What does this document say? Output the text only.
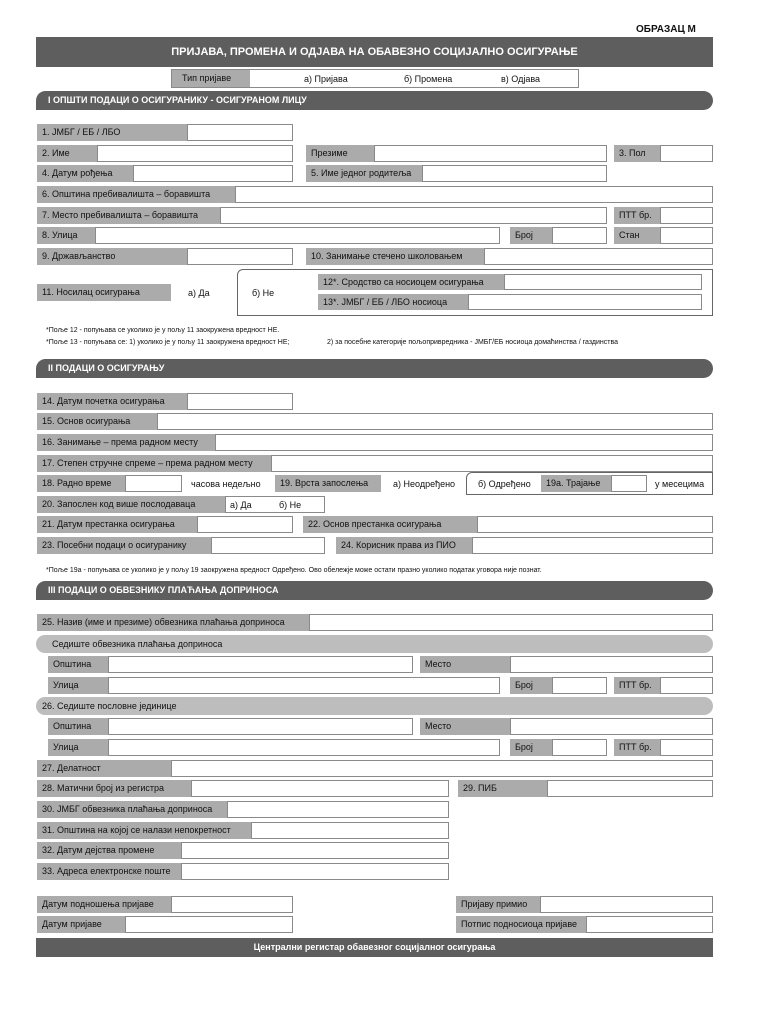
ОБРАЗАЦ М
ПРИЈАВА, ПРОМЕНА И ОДЈАВА НА ОБАВЕЗНО СОЦИЈАЛНО ОСИГУРАЊЕ
Тип пријаве	а) Пријава	б) Промена	в) Одјава
I ОПШТИ ПОДАЦИ О ОСИГУРАНИКУ - ОСИГУРАНОМ ЛИЦУ
1. ЈМБГ / ЕБ / ЛБО
2. Име	Презиме	3. Пол
4. Датум рођења	5. Име једног родитеља
6. Општина пребивалишта – боравишта
7. Место пребивалишта – боравишта	ПТТ бр.
8. Улица	Број	Стан
9. Држављанство	10. Занимање стечено школовањем
11. Носилац осигурања	а) Да	б) Не
12*. Сродство са носиоцем осигурања
13*. ЈМБГ / ЕБ / ЛБО носиоца
*Поље 12 - попуњава се уколико је у пољу 11 заокружена вредност НЕ.
*Поље 13 - попуњава се: 1) уколико је у пољу 11 заокружена вредност НЕ;	2) за посебне категорије пољопривредника - ЈМБГ/ЕБ носиоца домаћинства / газдинства
II ПОДАЦИ О ОСИГУРАЊУ
14. Датум почетка осигурања
15. Основ осигурања
16. Занимање – према радном месту
17. Степен стручне спреме – према радном месту
18. Радно време	часова недељно	19. Врста запослења	а) Неодређено	б) Одређено	19а. Трајање	у месецима
20. Запослен код више послодаваца	а) Да	б) Не
21. Датум престанка осигурања	22. Основ престанка осигурања
23. Посебни подаци о осигуранику	24. Корисник права из ПИО
*Поље 19а - попуњава се уколико је у пољу 19 заокружена вредност Одређено. Ово обележје може остати празно уколико податак уговора није познат.
III ПОДАЦИ О ОБВЕЗНИКУ ПЛАЋАЊА ДОПРИНОСА
25. Назив (име и презиме) обвезника плаћања доприноса
Седиште обвезника плаћања доприноса
Општина	Место
Улица	Број	ПТТ бр.
26. Седиште пословне јединице
Општина	Место
Улица	Број	ПТТ бр.
27. Делатност
28. Матични број из регистра	29. ПИБ
30. ЈМБГ обвезника плаћања доприноса
31. Општина на којој се налази непокретност
32. Датум дејства промене
33. Адреса електронске поште
Датум подношења пријаве	Пријаву примио
Датум пријаве	Потпис подносиоца пријаве
Централни регистар обавезног социјалног осигурања
